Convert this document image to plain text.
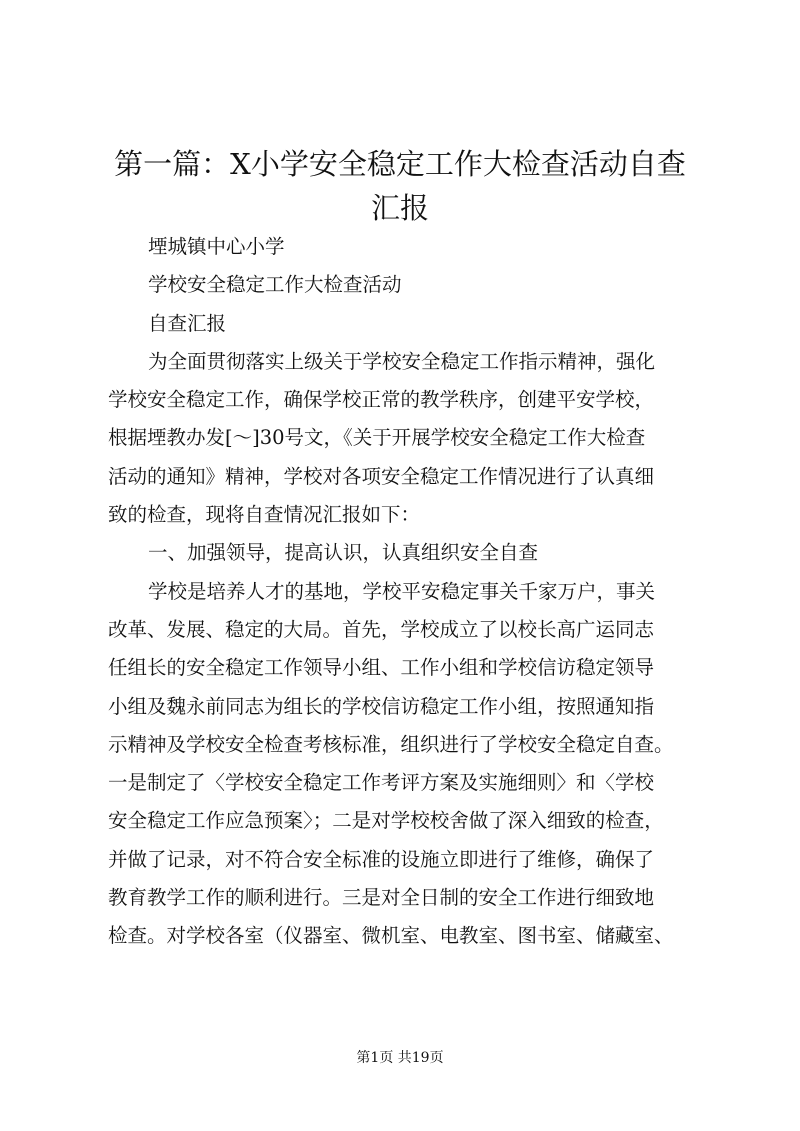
第一篇：X小学安全稳定工作大检查活动自查
汇报
堙城镇中心小学
学校安全稳定工作大检查活动
自查汇报
为全面贯彻落实上级关于学校安全稳定工作指示精神，强化
学校安全稳定工作，确保学校正常的教学秩序，创建平安学校，
根据堙教办发[～]30号文，《关于开展学校安全稳定工作大检查
活动的通知》精神，学校对各项安全稳定工作情况进行了认真细
致的检查，现将自查情况汇报如下：
一、加强领导，提高认识，认真组织安全自查
学校是培养人才的基地，学校平安稳定事关千家万户，事关
改革、发展、稳定的大局。首先，学校成立了以校长高广运同志
任组长的安全稳定工作领导小组、工作小组和学校信访稳定领导
小组及魏永前同志为组长的学校信访稳定工作小组，按照通知指
示精神及学校安全检查考核标准，组织进行了学校安全稳定自查。
一是制定了〈学校安全稳定工作考评方案及实施细则〉和〈学校
安全稳定工作应急预案〉；二是对学校校舍做了深入细致的检查，
并做了记录，对不符合安全标准的设施立即进行了维修，确保了
教育教学工作的顺利进行。三是对全日制的安全工作进行细致地
检查。对学校各室（仪器室、微机室、电教室、图书室、储藏室、
第1页 共19页
